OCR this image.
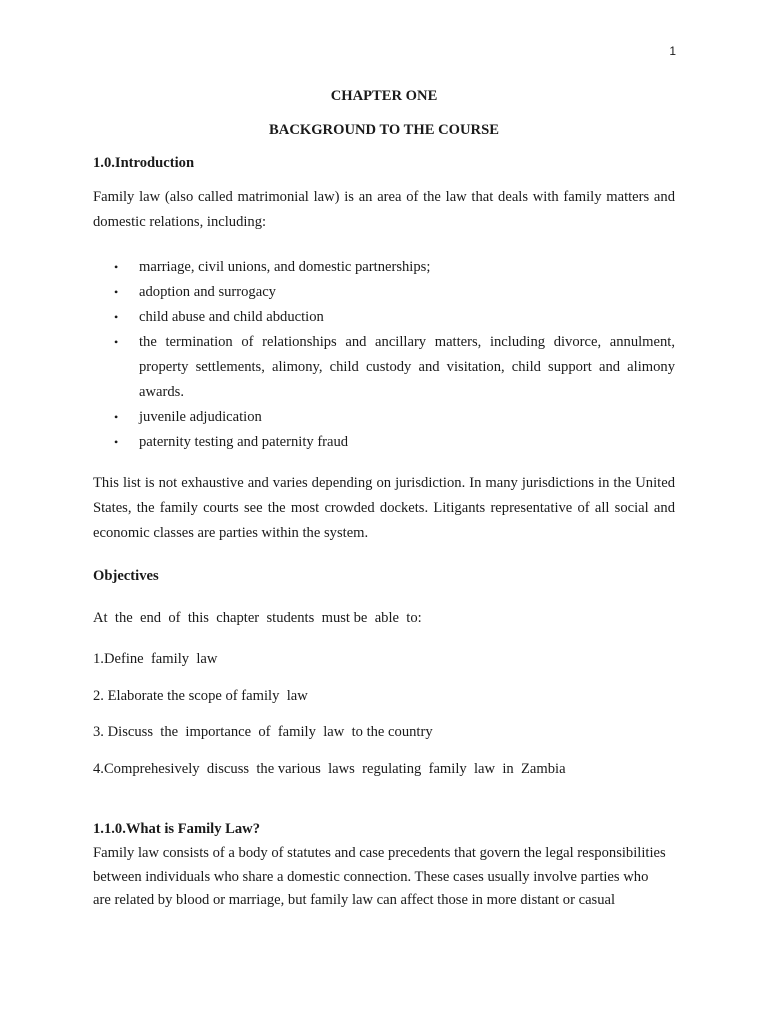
1
CHAPTER ONE
BACKGROUND TO THE COURSE
1.0.Introduction

Family law (also called matrimonial law) is an area of the law that deals with family matters and domestic relations, including:

• marriage, civil unions, and domestic partnerships;
• adoption and surrogacy
• child abuse and child abduction
• the termination of relationships and ancillary matters, including divorce, annulment, property settlements, alimony, child custody and visitation, child support and alimony awards.
• juvenile adjudication
• paternity testing and paternity fraud

This list is not exhaustive and varies depending on jurisdiction. In many jurisdictions in the United States, the family courts see the most crowded dockets. Litigants representative of all social and economic classes are parties within the system.

Objectives
At  the  end  of  this  chapter  students  must be  able  to:
1.Define  family  law
2. Elaborate the scope of family  law
3. Discuss  the  importance  of  family  law  to the country
4.Comprehesively  discuss  the various  laws  regulating  family  law  in  Zambia
1.1.0.What is Family Law?
Family law consists of a body of statutes and case precedents that govern the legal responsibilities
between individuals who share a domestic connection. These cases usually involve parties who
are related by blood or marriage, but family law can affect those in more distant or casual
